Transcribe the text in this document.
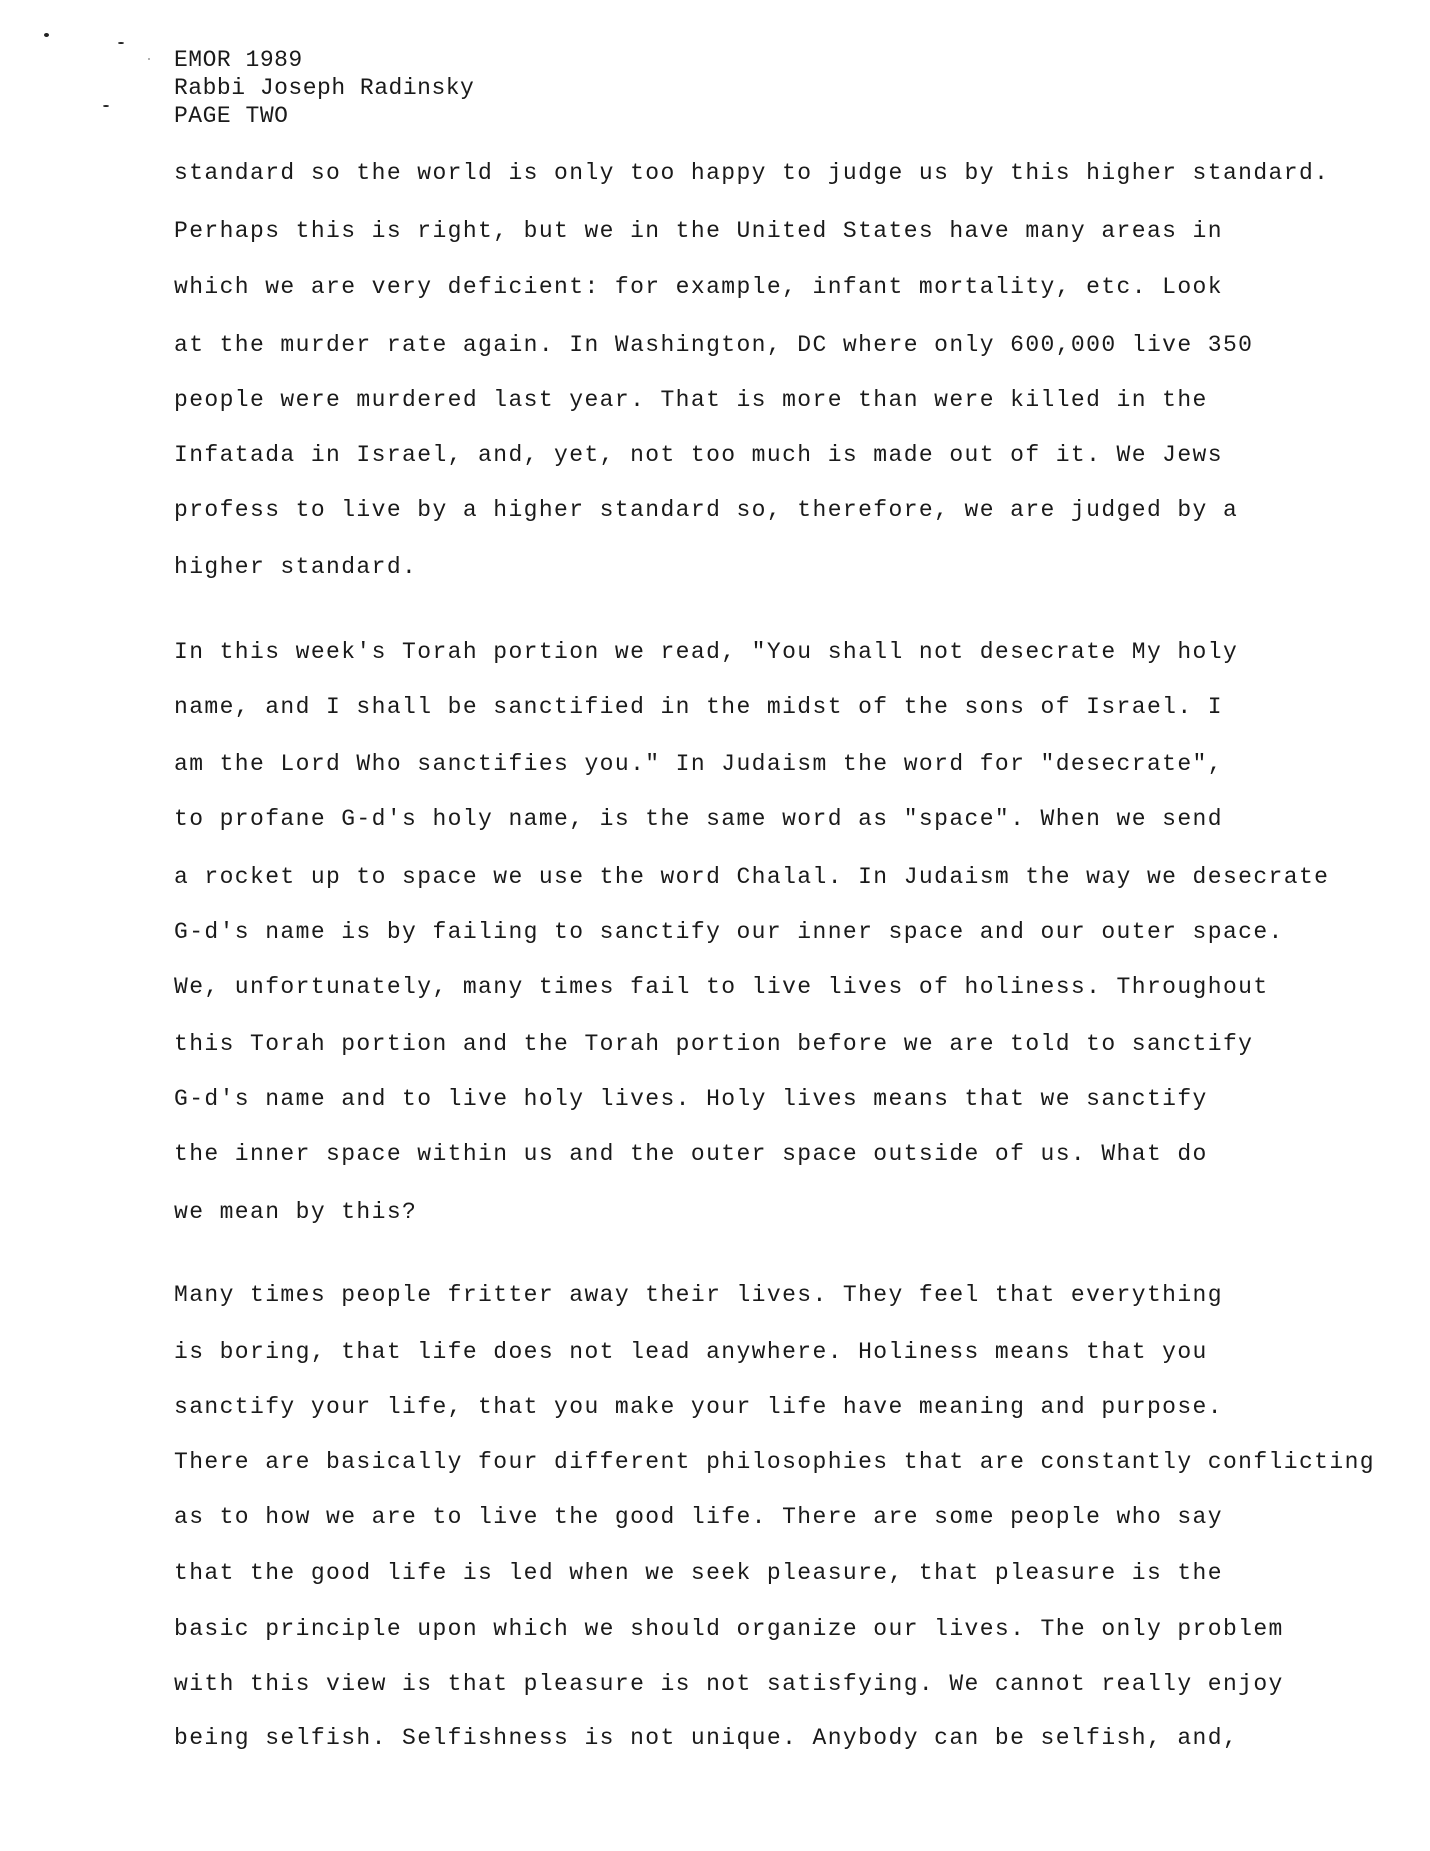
EMOR 1989
Rabbi Joseph Radinsky
PAGE TWO
standard so the world is only too happy to judge us by this higher standard.
Perhaps this is right, but we in the United States have many areas in
which we are very deficient: for example, infant mortality, etc. Look
at the murder rate again. In Washington, DC where only 600,000 live 350
people were murdered last year. That is more than were killed in the
Infatada in Israel, and, yet, not too much is made out of it. We Jews
profess to live by a higher standard so, therefore, we are judged by a
higher standard.
In this week's Torah portion we read, "You shall not desecrate My holy
name, and I shall be sanctified in the midst of the sons of Israel. I
am the Lord Who sanctifies you." In Judaism the word for "desecrate",
to profane G-d's holy name, is the same word as "space". When we send
a rocket up to space we use the word Chalal. In Judaism the way we desecrate
G-d's name is by failing to sanctify our inner space and our outer space.
We, unfortunately, many times fail to live lives of holiness. Throughout
this Torah portion and the Torah portion before we are told to sanctify
G-d's name and to live holy lives. Holy lives means that we sanctify
the inner space within us and the outer space outside of us. What do
we mean by this?
Many times people fritter away their lives. They feel that everything
is boring, that life does not lead anywhere. Holiness means that you
sanctify your life, that you make your life have meaning and purpose.
There are basically four different philosophies that are constantly conflicting
as to how we are to live the good life. There are some people who say
that the good life is led when we seek pleasure, that pleasure is the
basic principle upon which we should organize our lives. The only problem
with this view is that pleasure is not satisfying. We cannot really enjoy
being selfish. Selfishness is not unique. Anybody can be selfish, and,
